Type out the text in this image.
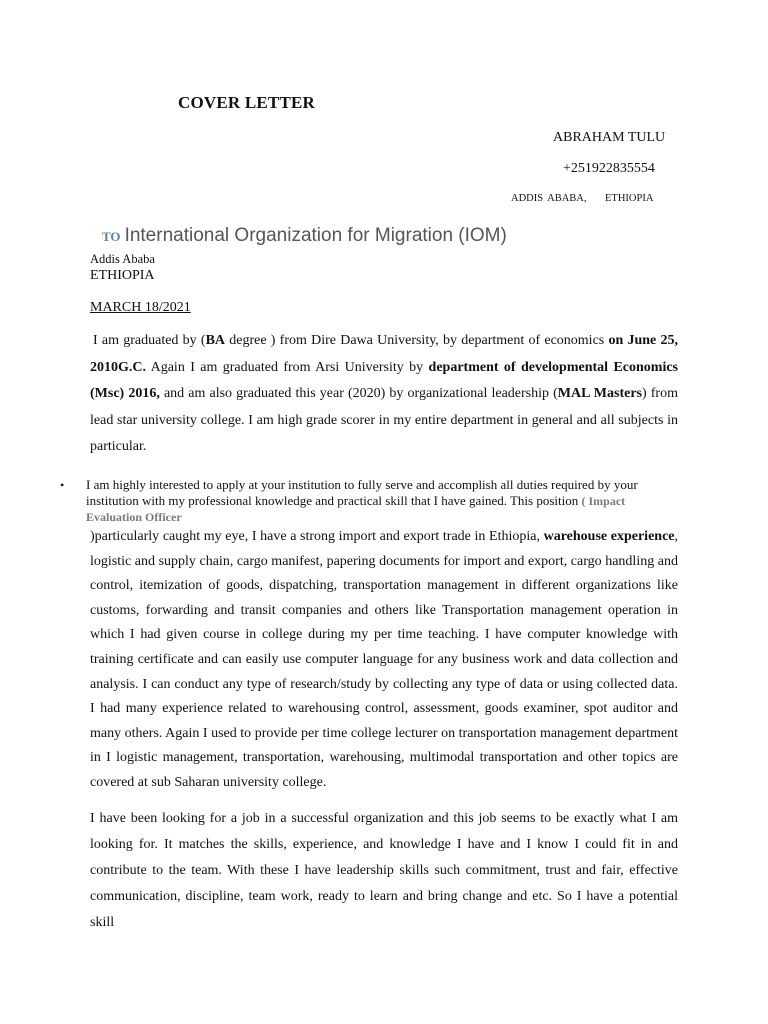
COVER LETTER
ABRAHAM TULU
+251922835554
ADDIS ABABA,    ETHIOPIA
TO International Organization for Migration (IOM)
Addis Ababa
ETHIOPIA
MARCH 18/2021
I am graduated by (BA degree ) from Dire Dawa University, by department of economics on June 25, 2010G.C. Again I am graduated from Arsi University by department of developmental Economics (Msc) 2016, and am also graduated this year (2020) by organizational leadership (MAL Masters) from lead star university college. I am high grade scorer in my entire department in general and all subjects in particular.
• I am highly interested to apply at your institution to fully serve and accomplish all duties required by your institution with my professional knowledge and practical skill that I have gained. This position ( Impact Evaluation Officer
)particularly caught my eye, I have a strong import and export trade in Ethiopia, warehouse experience, logistic and supply chain, cargo manifest, papering documents for import and export, cargo handling and control, itemization of goods, dispatching, transportation management in different organizations like customs, forwarding and transit companies and others like Transportation management operation in which I had given course in college during my per time teaching. I have computer knowledge with training certificate and can easily use computer language for any business work and data collection and analysis. I can conduct any type of research/study by collecting any type of data or using collected data. I had many experience related to warehousing control, assessment, goods examiner, spot auditor and many others. Again I used to provide per time college lecturer on transportation management department in I logistic management, transportation, warehousing, multimodal transportation and other topics are covered at sub Saharan university college.
I have been looking for a job in a successful organization and this job seems to be exactly what I am looking for. It matches the skills, experience, and knowledge I have and I know I could fit in and contribute to the team. With these I have leadership skills such commitment, trust and fair, effective communication, discipline, team work, ready to learn and bring change and etc. So I have a potential skill
